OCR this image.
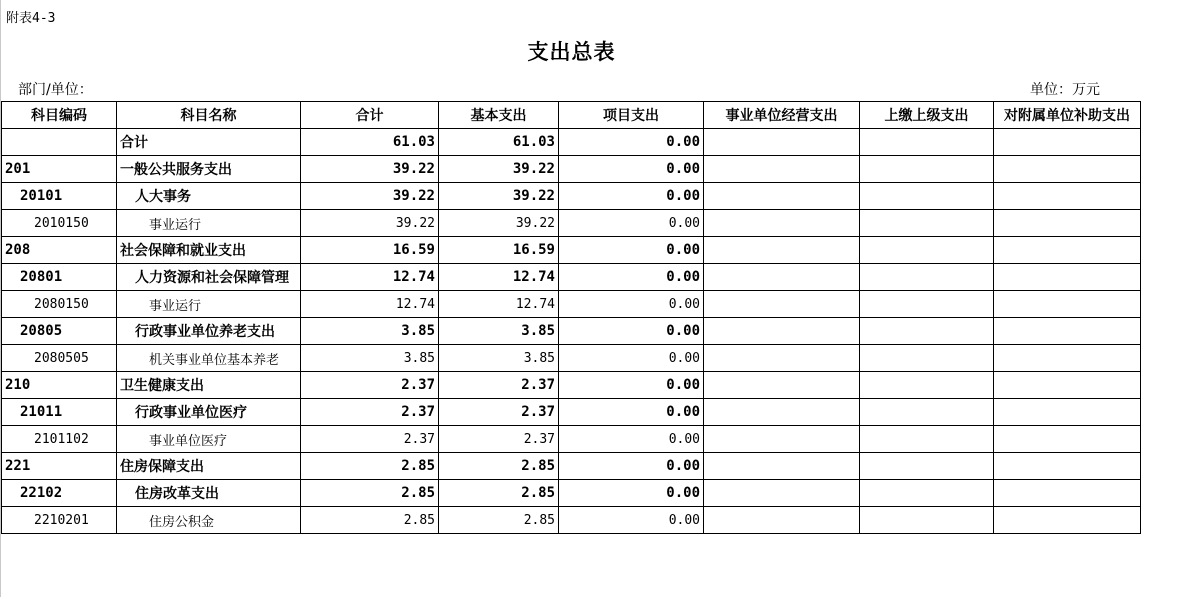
附表4-3
支出总表
部门/单位：	单位：万元
科目编码	科目名称	合计	基本支出	项目支出	事业单位经营支出	上缴上级支出	对附属单位补助支出
	合计	61.03	61.03	0.00			
201	一般公共服务支出	39.22	39.22	0.00			
20101	人大事务	39.22	39.22	0.00			
2010150	事业运行	39.22	39.22	0.00			
208	社会保障和就业支出	16.59	16.59	0.00			
20801	人力资源和社会保障管理	12.74	12.74	0.00			
2080150	事业运行	12.74	12.74	0.00			
20805	行政事业单位养老支出	3.85	3.85	0.00			
2080505	机关事业单位基本养老	3.85	3.85	0.00			
210	卫生健康支出	2.37	2.37	0.00			
21011	行政事业单位医疗	2.37	2.37	0.00			
2101102	事业单位医疗	2.37	2.37	0.00			
221	住房保障支出	2.85	2.85	0.00			
22102	住房改革支出	2.85	2.85	0.00			
2210201	住房公积金	2.85	2.85	0.00			
